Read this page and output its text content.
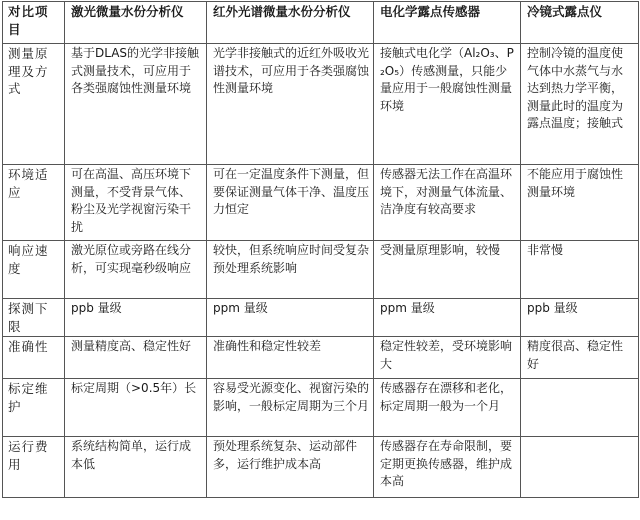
对比项目	激光微量水份分析仪	红外光谱微量水份分析仪	电化学露点传感器	冷镜式露点仪
测量原理及方式	基于DLAS的光学非接触式测量技术，可应用于各类强腐蚀性测量环境	光学非接触式的近红外吸收光谱技术，可应用于各类强腐蚀性测量环境	接触式电化学（Al₂O₃、P₂O₅）传感测量，只能少量应用于一般腐蚀性测量环境	控制冷镜的温度使气体中水蒸气与水达到热力学平衡，测量此时的温度为露点温度；接触式
环境适应	可在高温、高压环境下测量，不受背景气体、粉尘及光学视窗污染干扰	可在一定温度条件下测量，但要保证测量气体干净、温度压力恒定	传感器无法工作在高温环境下，对测量气体流量、洁净度有较高要求	不能应用于腐蚀性测量环境
响应速度	激光原位或旁路在线分析，可实现毫秒级响应	较快，但系统响应时间受复杂预处理系统影响	受测量原理影响，较慢	非常慢
探测下限	ppb 量级	ppm 量级	ppm 量级	ppb 量级
准确性	测量精度高、稳定性好	准确性和稳定性较差	稳定性较差，受环境影响大	精度很高、稳定性好
标定维护	标定周期（>0.5年）长	容易受光源变化、视窗污染的影响，一般标定周期为三个月	传感器存在漂移和老化，标定周期一般为一个月	
运行费用	系统结构简单，运行成本低	预处理系统复杂、运动部件多，运行维护成本高	传感器存在寿命限制，要定期更换传感器，维护成本高	
